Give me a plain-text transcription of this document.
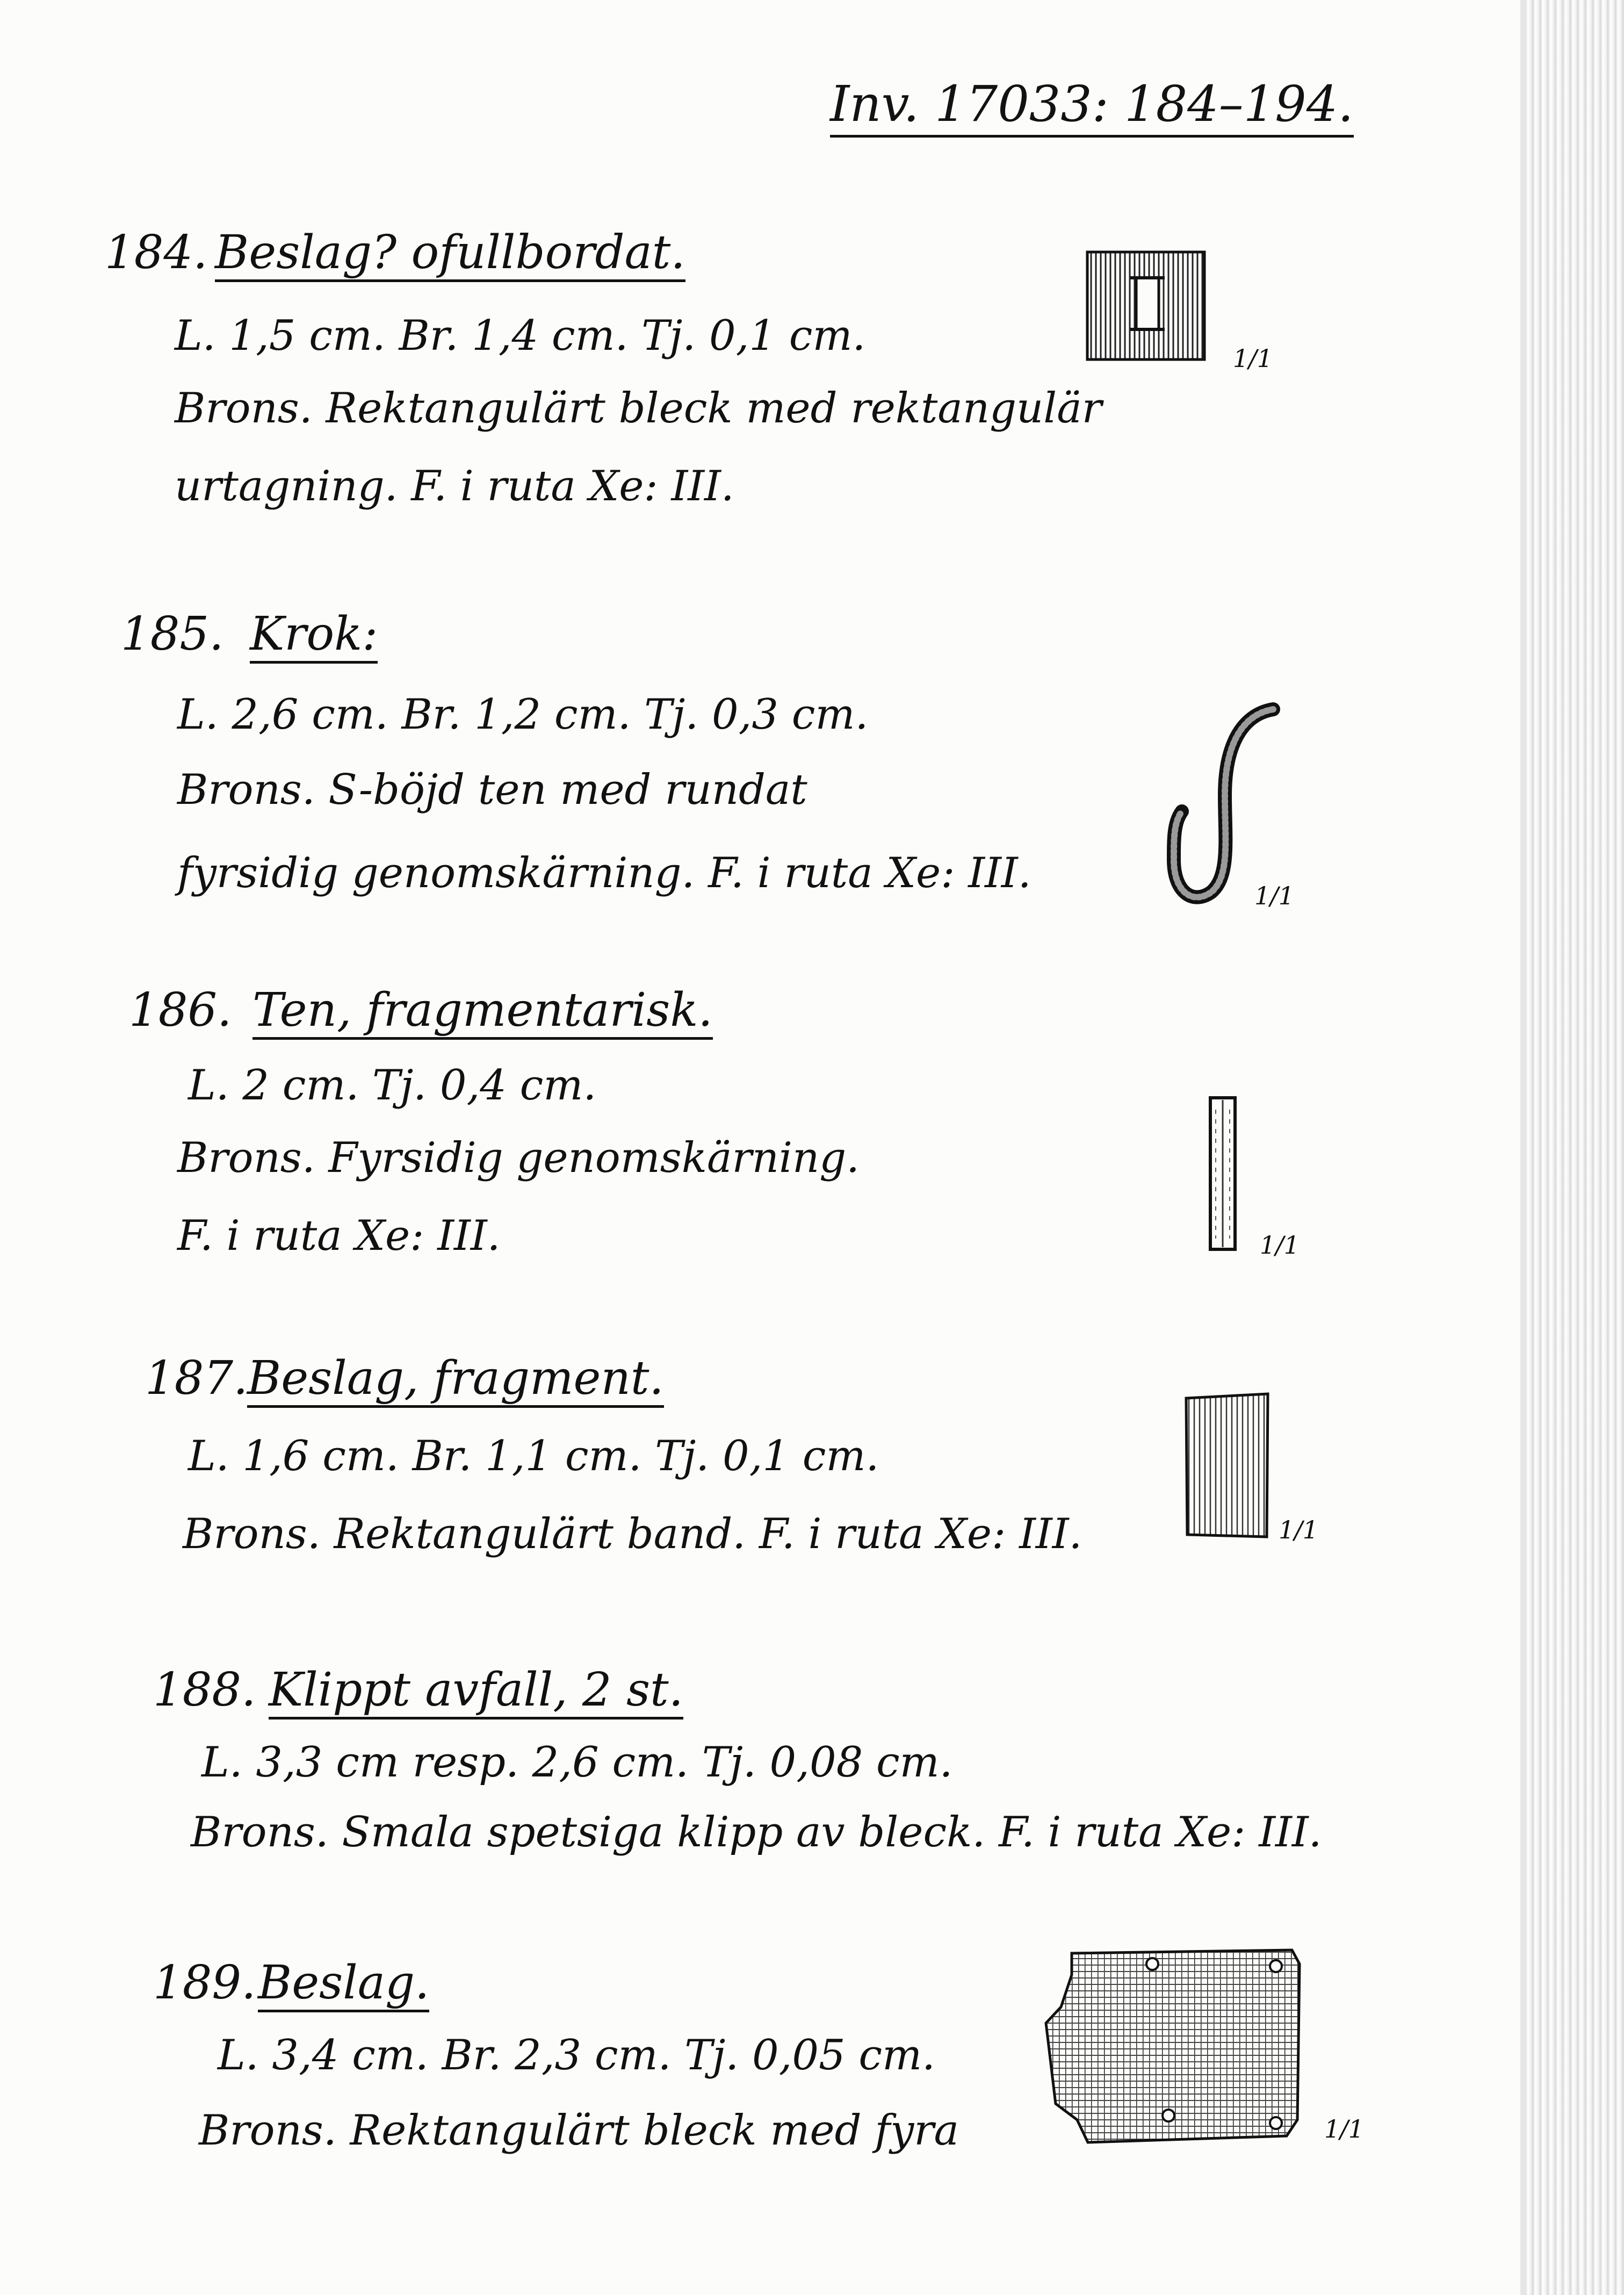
Inv. 17033: 184–194.
184. Beslag? ofullbordat.
L. 1,5 cm. Br. 1,4 cm. Tj. 0,1 cm.
Brons. Rektangulärt bleck med rektangulär
urtagning. F. i ruta Xe: III.
1/1
185. Krok:
L. 2,6 cm. Br. 1,2 cm. Tj. 0,3 cm.
Brons. S-böjd ten med rundat
fyrsidig genomskärning. F. i ruta Xe: III.	1/1
186. Ten, fragmentarisk.
L. 2 cm. Tj. 0,4 cm.
Brons. Fyrsidig genomskärning.
F. i ruta Xe: III.	1/1
187.
Beslag, fragment.
L. 1,6 cm. Br. 1,1 cm. Tj. 0,1 cm.
Brons. Rektangulärt band. F. i ruta Xe: III.	1/1
188. Klippt avfall, 2 st.
L. 3,3 cm resp. 2,6 cm. Tj. 0,08 cm.
Brons. Smala spetsiga klipp av bleck. F. i ruta Xe: III.
189. Beslag.
L. 3,4 cm. Br. 2,3 cm. Tj. 0,05 cm.
Brons. Rektangulärt bleck med fyra	1/1
